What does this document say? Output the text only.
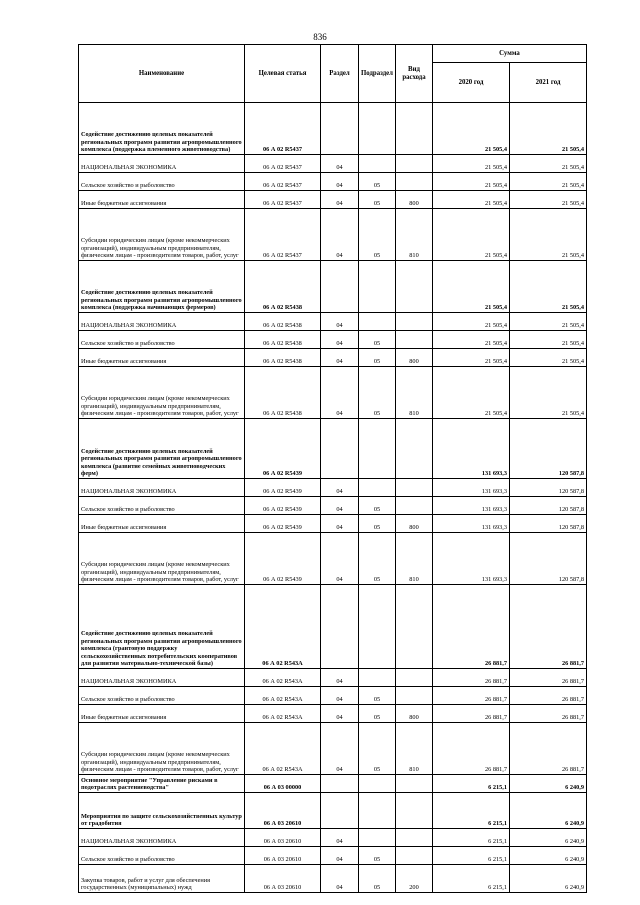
836
Наименование	Целевая статья	Раздел	Подраздел	Вид расхода	Сумма	
					2020 год	2021 год
Содействие достижению целевых показателей региональных программ развития агропромышленного комплекса (поддержка племенного животноводства)	06 А 02 R5437				21 505,4	21 505,4
НАЦИОНАЛЬНАЯ ЭКОНОМИКА	06 А 02 R5437	04			21 505,4	21 505,4
Сельское хозяйство и рыболовство	06 А 02 R5437	04	05		21 505,4	21 505,4
Иные бюджетные ассигнования	06 А 02 R5437	04	05	800	21 505,4	21 505,4
Субсидии юридическим лицам (кроме некоммерческих организаций), индивидуальным предпринимателям, физическим лицам - производителям товаров, работ, услуг	06 А 02 R5437	04	05	810	21 505,4	21 505,4
Содействие достижению целевых показателей региональных программ развития агропромышленного комплекса (поддержка начинающих фермеров)	06 А 02 R5438				21 505,4	21 505,4
НАЦИОНАЛЬНАЯ ЭКОНОМИКА	06 А 02 R5438	04			21 505,4	21 505,4
Сельское хозяйство и рыболовство	06 А 02 R5438	04	05		21 505,4	21 505,4
Иные бюджетные ассигнования	06 А 02 R5438	04	05	800	21 505,4	21 505,4
Субсидии юридическим лицам (кроме некоммерческих организаций), индивидуальным предпринимателям, физическим лицам - производителям товаров, работ, услуг	06 А 02 R5438	04	05	810	21 505,4	21 505,4
Содействие достижению целевых показателей региональных программ развития агропромышленного комплекса (развитие семейных животноводческих ферм)	06 А 02 R5439				131 693,3	120 587,8
НАЦИОНАЛЬНАЯ ЭКОНОМИКА	06 А 02 R5439	04			131 693,3	120 587,8
Сельское хозяйство и рыболовство	06 А 02 R5439	04	05		131 693,3	120 587,8
Иные бюджетные ассигнования	06 А 02 R5439	04	05	800	131 693,3	120 587,8
Субсидии юридическим лицам (кроме некоммерческих организаций), индивидуальным предпринимателям, физическим лицам - производителям товаров, работ, услуг	06 А 02 R5439	04	05	810	131 693,3	120 587,8
Содействие достижению целевых показателей региональных программ развития агропромышленного комплекса (грантовую поддержку сельскохозяйственных потребительских кооперативов для развития материально-технической базы)	06 А 02 R543А				26 881,7	26 881,7
НАЦИОНАЛЬНАЯ ЭКОНОМИКА	06 А 02 R543А	04			26 881,7	26 881,7
Сельское хозяйство и рыболовство	06 А 02 R543А	04	05		26 881,7	26 881,7
Иные бюджетные ассигнования	06 А 02 R543А	04	05	800	26 881,7	26 881,7
Субсидии юридическим лицам (кроме некоммерческих организаций), индивидуальным предпринимателям, физическим лицам - производителям товаров, работ, услуг	06 А 02 R543А	04	05	810	26 881,7	26 881,7
Основное мероприятие "Управление рисками в подотраслях растениеводства"	06 А 03 00000				6 215,1	6 240,9
Мероприятия по защите сельскохозяйственных культур от градобития	06 А 03 20610				6 215,1	6 240,9
НАЦИОНАЛЬНАЯ ЭКОНОМИКА	06 А 03 20610	04			6 215,1	6 240,9
Сельское хозяйство и рыболовство	06 А 03 20610	04	05		6 215,1	6 240,9
Закупка товаров, работ и услуг для обеспечения государственных (муниципальных) нужд	06 А 03 20610	04	05	200	6 215,1	6 240,9
